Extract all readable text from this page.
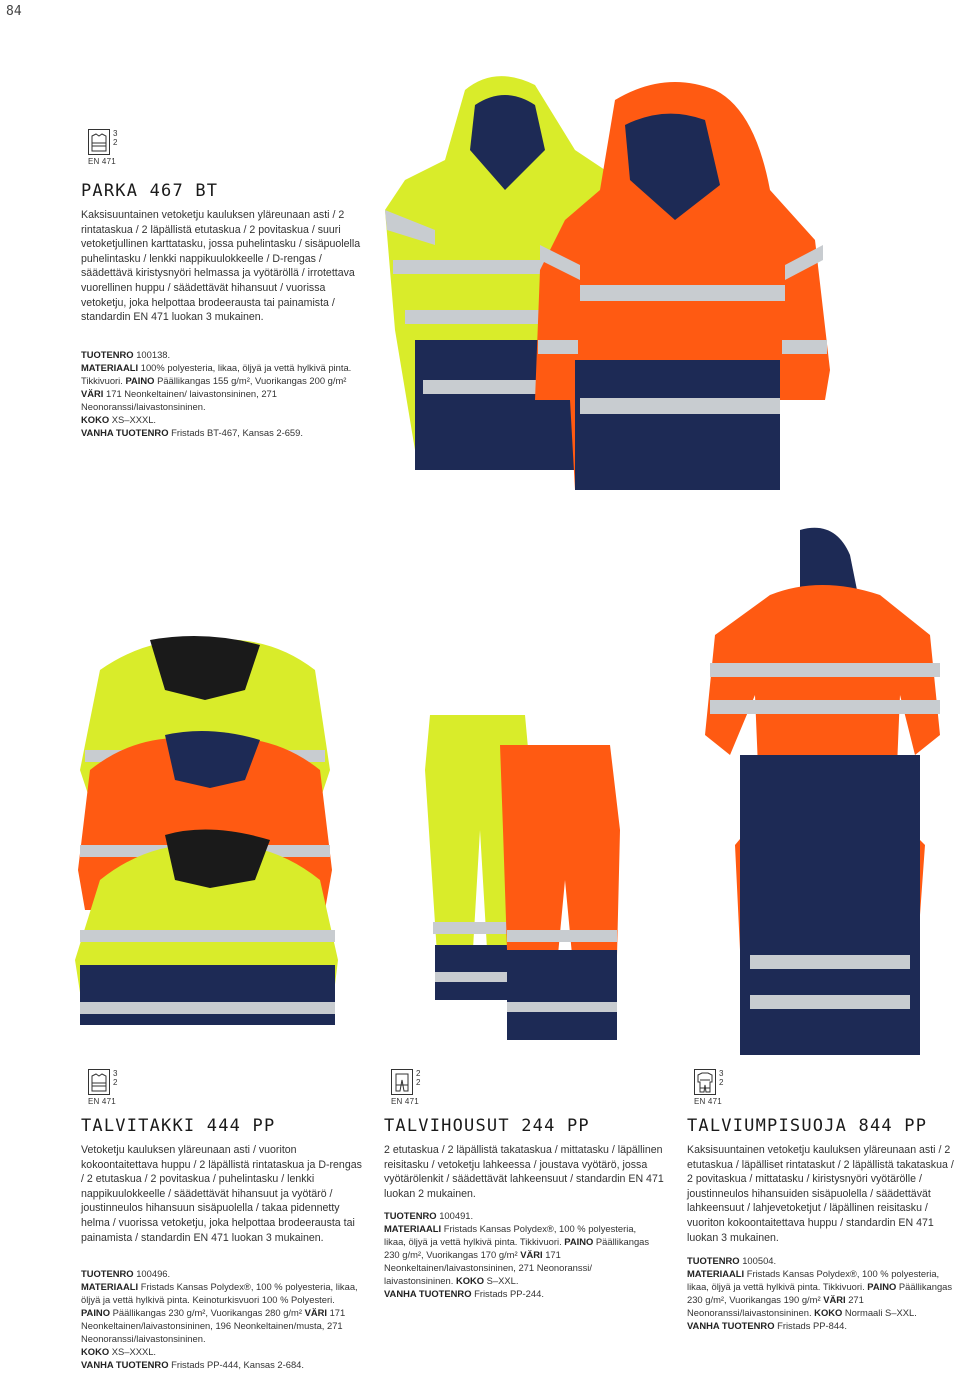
84
3
2
EN 471
PARKA 467 BT
Kaksisuuntainen vetoketju kauluksen yläreunaan asti / 2 rintataskua / 2 läpällistä etutaskua / 2 povitaskua / suuri vetoketjullinen karttatasku, jossa puhelintasku / sisäpuolella puhelintasku / lenkki nappikuulokkeelle / D-rengas / säädettävä kiristysnyöri helmassa ja vyötäröllä / irrotettava vuorellinen huppu / säädettävät hihansuut / vuorissa vetoketju, joka helpottaa brodeerausta tai painamista / standardin EN 471 luokan 3 mukainen.
TUOTENRO 100138.
MATERIAALI 100% polyesteria, likaa, öljyä ja vettä hylkivä pinta. Tikkivuori. PAINO Päällikangas 155 g/m², Vuorikangas 200 g/m² VÄRI 171 Neonkeltainen/ laivastonsininen, 271 Neonoranssi/laivastonsininen.
KOKO XS–XXXL.
VANHA TUOTENRO Fristads BT-467, Kansas 2-659.
3
2
EN 471
TALVITAKKI 444 PP
Vetoketju kauluksen yläreunaan asti / vuoriton kokoontaitettava huppu / 2 läpällistä rintataskua ja D-rengas / 2 etutaskua / 2 povitaskua / puhelintasku / lenkki nappikuulokkeelle / säädettävät hihansuut ja vyötärö / joustinneulos hihansuun sisäpuolella / takaa pidennetty helma / vuorissa vetoketju, joka helpottaa brodeerausta tai painamista / standardin EN 471 luokan 3 mukainen.
TUOTENRO 100496.
MATERIAALI Fristads Kansas Polydex®, 100 % polyesteria, likaa, öljyä ja vettä hylkivä pinta. Keinoturkisvuori 100 % Polyesteri. PAINO Päällikangas 230 g/m², Vuorikangas 280 g/m² VÄRI 171 Neonkeltainen/laivastonsininen, 196 Neonkeltainen/musta, 271 Neonoranssi/laivastonsininen.
KOKO XS–XXXL.
VANHA TUOTENRO Fristads PP-444, Kansas 2-684.
2
2
EN 471
TALVIHOUSUT 244 PP
2 etutaskua / 2 läpällistä takataskua / mittatasku / läpällinen reisitasku / vetoketju lahkeessa / joustava vyötärö, jossa vyötärölenkit / säädettävät lahkeensuut / standardin EN 471 luokan 2 mukainen.
TUOTENRO 100491.
MATERIAALI Fristads Kansas Polydex®, 100 % polyesteria, likaa, öljyä ja vettä hylkivä pinta. Tikkivuori. PAINO Päällikangas 230 g/m², Vuorikangas 170 g/m² VÄRI 171 Neonkeltainen/laivastonsininen, 271 Neonoranssi/ laivastonsininen. KOKO S–XXL.
VANHA TUOTENRO Fristads PP-244.
3
2
EN 471
TALVIUMPISUOJA 844 PP
Kaksisuuntainen vetoketju kauluksen yläreunaan asti / 2 etutaskua / läpälliset rintataskut / 2 läpällistä takataskua / 2 povitaskua / mittatasku / kiristysnyöri vyötärölle / joustinneulos hihansuiden sisäpuolella / säädettävät lahkeensuut / lahjevetoketjut / läpällinen reisitasku / vuoriton kokoontaitettava huppu / standardin EN 471 luokan 3 mukainen.
TUOTENRO 100504.
MATERIAALI Fristads Kansas Polydex®, 100 % polyesteria, likaa, öljyä ja vettä hylkivä pinta. Tikkivuori. PAINO Päällikangas 230 g/m², Vuorikangas 190 g/m² VÄRI 271 Neonoranssi/laivastonsininen. KOKO Normaali S–XXL.
VANHA TUOTENRO Fristads PP-844.
